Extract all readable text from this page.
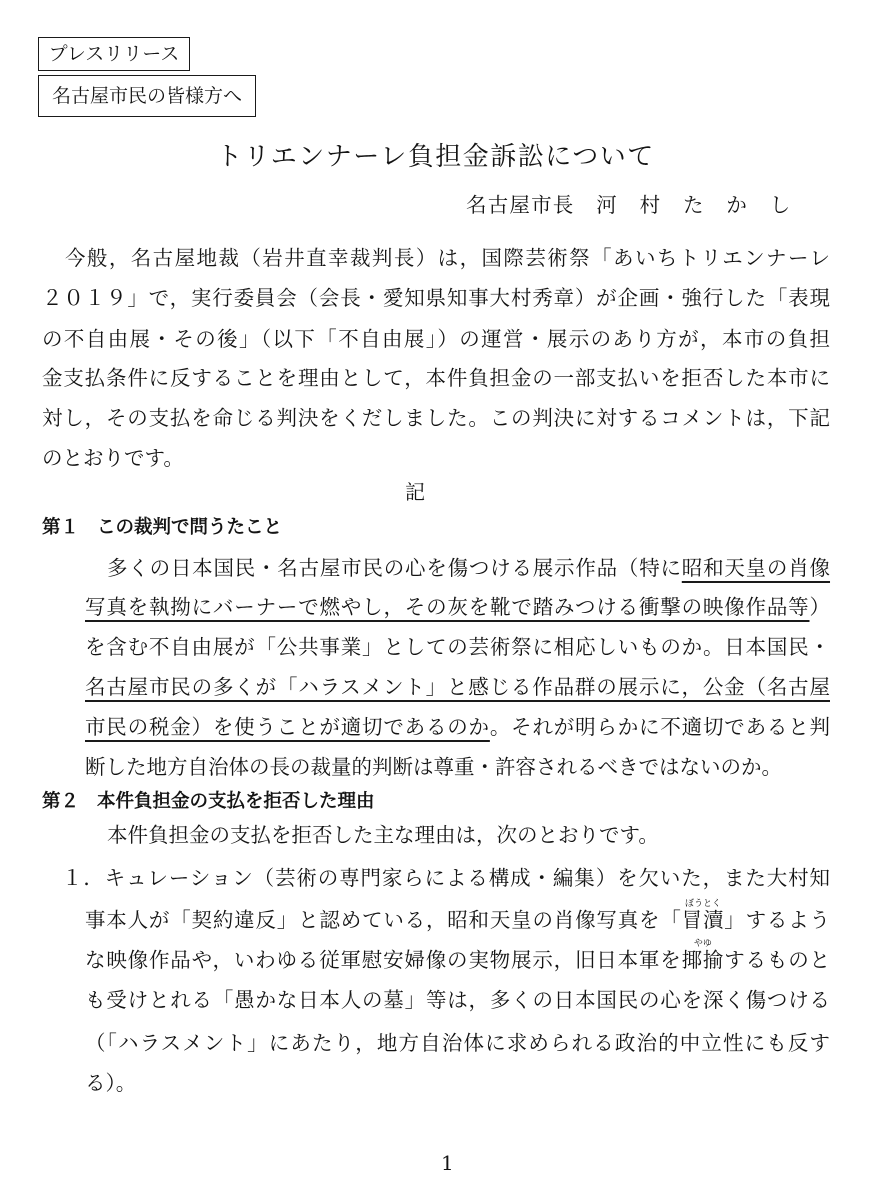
プレスリリース
名古屋市民の皆様方へ
トリエンナーレ負担金訴訟について
名古屋市長　河　村　た　か　し
今般，名古屋地裁（岩井直幸裁判長）は，国際芸術祭「あいちトリエンナーレ
２０１９」で，実行委員会（会長・愛知県知事大村秀章）が企画・強行した「表現
の不自由展・その後」（以下「不自由展」）の運営・展示のあり方が，本市の負担
金支払条件に反することを理由として，本件負担金の一部支払いを拒否した本市に
対し，その支払を命じる判決をくだしました。この判決に対するコメントは，下記
のとおりです。
記
第１ この裁判で問うたこと
多くの日本国民・名古屋市民の心を傷つける展示作品（特に昭和天皇の肖像
写真を執拗にバーナーで燃やし，その灰を靴で踏みつける衝撃の映像作品等）
を含む不自由展が「公共事業」としての芸術祭に相応しいものか。日本国民・
名古屋市民の多くが「ハラスメント」と感じる作品群の展示に，公金（名古屋
市民の税金）を使うことが適切であるのか。それが明らかに不適切であると判
断した地方自治体の長の裁量的判断は尊重・許容されるべきではないのか。
第２ 本件負担金の支払を拒否した理由
本件負担金の支払を拒否した主な理由は，次のとおりです。
１．キュレーション（芸術の専門家らによる構成・編集）を欠いた，また大村知
事本人が「契約違反」と認めている，昭和天皇の肖像写真を「冒瀆
ぼうとく
」するよう
な映像作品や，いわゆる従軍慰安婦像の実物展示，旧日本軍を揶揄
やゆ
するものと
も受けとれる「愚かな日本人の墓」等は，多くの日本国民の心を深く傷つける
（「ハラスメント」にあたり，地方自治体に求められる政治的中立性にも反す
る）。
1
